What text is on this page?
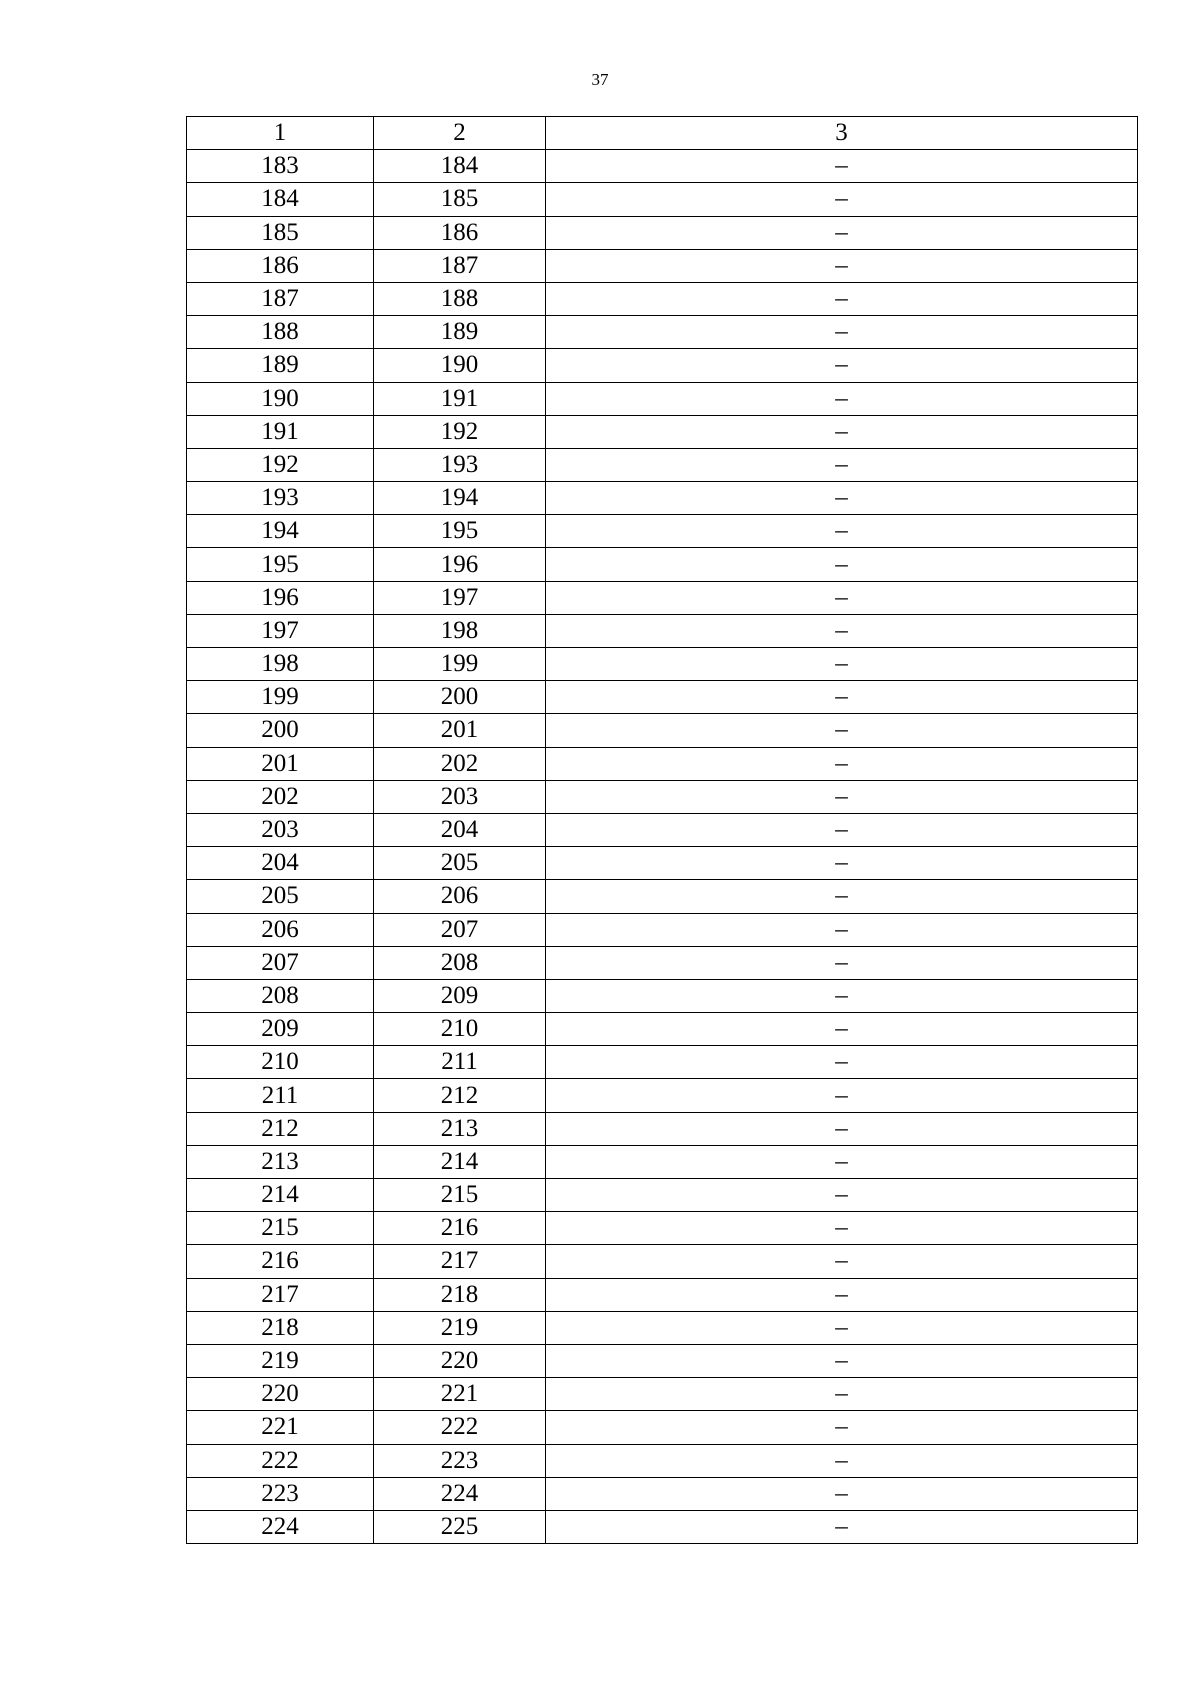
37
1	2	3
183	184	–
184	185	–
185	186	–
186	187	–
187	188	–
188	189	–
189	190	–
190	191	–
191	192	–
192	193	–
193	194	–
194	195	–
195	196	–
196	197	–
197	198	–
198	199	–
199	200	–
200	201	–
201	202	–
202	203	–
203	204	–
204	205	–
205	206	–
206	207	–
207	208	–
208	209	–
209	210	–
210	211	–
211	212	–
212	213	–
213	214	–
214	215	–
215	216	–
216	217	–
217	218	–
218	219	–
219	220	–
220	221	–
221	222	–
222	223	–
223	224	–
224	225	–
